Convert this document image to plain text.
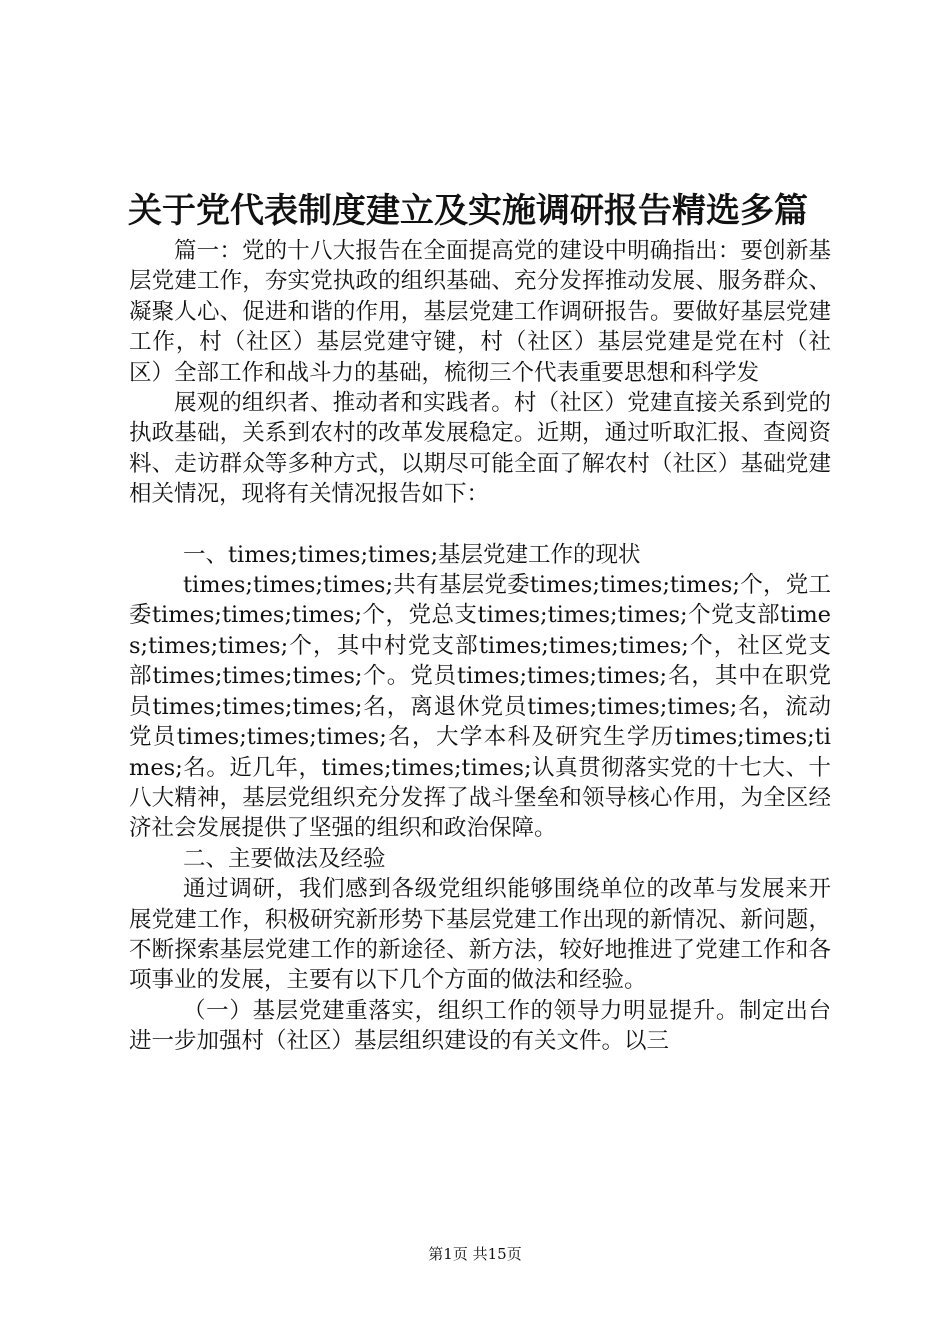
关于党代表制度建立及实施调研报告精选多篇

篇一：党的十八大报告在全面提高党的建设中明确指出：要创新基层党建工作，夯实党执政的组织基础、充分发挥推动发展、服务群众、凝聚人心、促进和谐的作用，基层党建工作调研报告。要做好基层党建工作，村（社区）基层党建守键，村（社区）基层党建是党在村（社区）全部工作和战斗力的基础，梳彻三个代表重要思想和科学发

展观的组织者、推动者和实践者。村（社区）党建直接关系到党的执政基础，关系到农村的改革发展稳定。近期，通过听取汇报、查阅资料、走访群众等多种方式，以期尽可能全面了解农村（社区）基础党建相关情况，现将有关情况报告如下：

一、times;times;times;基层党建工作的现状

times;times;times;共有基层党委times;times;times;个，党工委times;times;times;个，党总支times;times;times;个党支部times;times;times;个，其中村党支部times;times;times;个，社区党支部times;times;times;个。党员times;times;times;名，其中在职党员times;times;times;名，离退休党员times;times;times;名，流动党员times;times;times;名，大学本科及研究生学历times;times;times;名。近几年，times;times;times;认真贯彻落实党的十七大、十八大精神，基层党组织充分发挥了战斗堡垒和领导核心作用，为全区经济社会发展提供了坚强的组织和政治保障。

二、主要做法及经验

通过调研，我们感到各级党组织能够围绕单位的改革与发展来开展党建工作，积极研究新形势下基层党建工作出现的新情况、新问题，不断探索基层党建工作的新途径、新方法，较好地推进了党建工作和各项事业的发展，主要有以下几个方面的做法和经验。

（一）基层党建重落实，组织工作的领导力明显提升。制定出台进一步加强村（社区）基层组织建设的有关文件。以三

第1页 共15页
